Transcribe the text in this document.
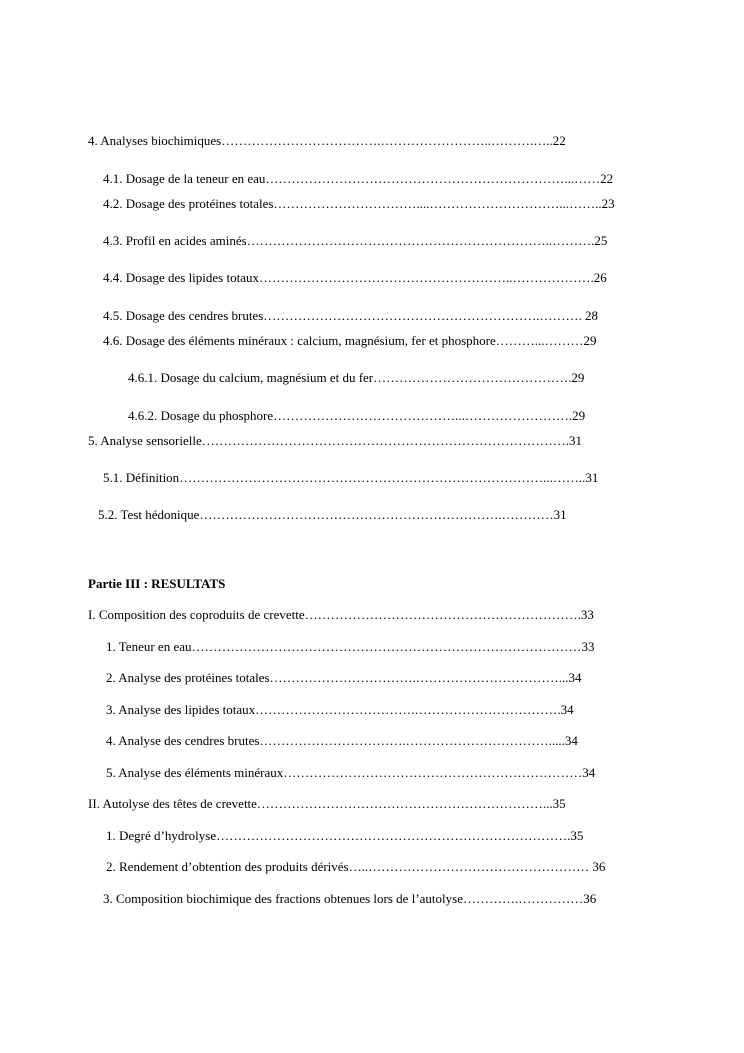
4. Analyses biochimiques……………………………….……………………..……….…..22
4.1. Dosage de la teneur en eau……………………………………………………………...……22
4.2. Dosage des protéines totales……………………………....…………………………...……..23
4.3. Profil en acides aminés……………………………………………………………..……….25
4.4. Dosage des lipides totaux…………………………………………………..……………….26
4.5. Dosage des cendres brutes……………………………………………………….………. 28
4.6. Dosage des éléments minéraux : calcium, magnésium, fer et phosphore………...………29
4.6.1. Dosage du calcium, magnésium et du fer……………………………………….29
4.6.2. Dosage du phosphore……………………………………...…………………….29
5. Analyse sensorielle………………………………………………………………………….31
5.1. Définition…………………………………………………………………………...……..31
5.2. Test hédonique…………………………………………………………….…………31
Partie III : RESULTATS
I. Composition des coproduits de crevette……………………………………………………….33
1. Teneur en eau………………………………………………………………………………33
2. Analyse des protéines totales…………………………….……………………………...34
3. Analyse des lipides totaux……………………………….…………………………….34
4. Analyse des cendres brutes…………………………….…………………………….....34
5. Analyse des éléments minéraux……………………………………………………………34
II. Autolyse des têtes de crevette…………………………………………………………...35
1. Degré d’hydrolyse……………………………………………………………………….35
2. Rendement d’obtention des produits dérivés…..…………………………………………… 36
3. Composition biochimique des fractions obtenues lors de l’autolyse………….……………36
